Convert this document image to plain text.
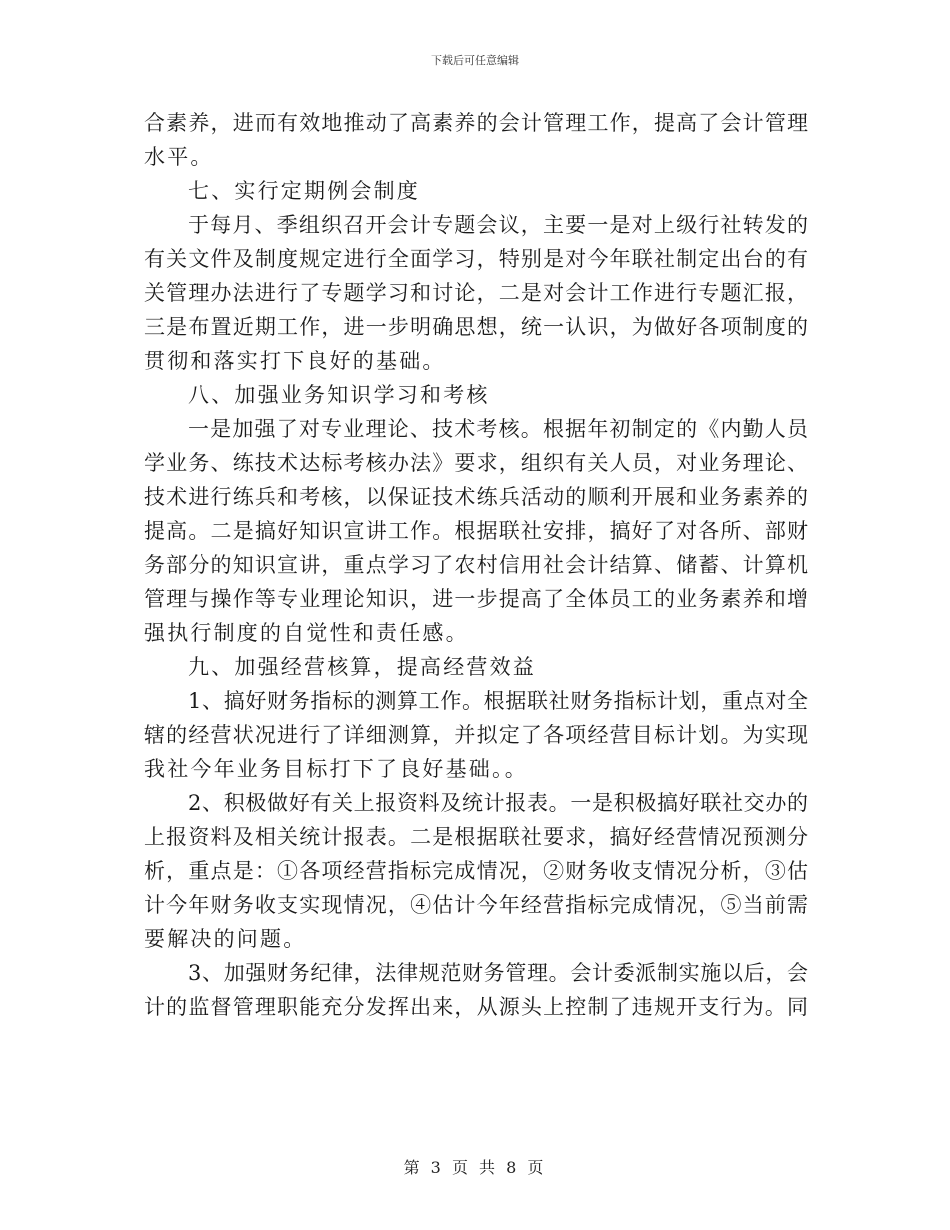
下载后可任意编辑
合素养，进而有效地推动了高素养的会计管理工作，提高了会计管理
水平。
七、实行定期例会制度
于每月、季组织召开会计专题会议，主要一是对上级行社转发的
有关文件及制度规定进行全面学习，特别是对今年联社制定出台的有
关管理办法进行了专题学习和讨论，二是对会计工作进行专题汇报，
三是布置近期工作，进一步明确思想，统一认识，为做好各项制度的
贯彻和落实打下良好的基础。
八、加强业务知识学习和考核
一是加强了对专业理论、技术考核。根据年初制定的《内勤人员
学业务、练技术达标考核办法》要求，组织有关人员，对业务理论、
技术进行练兵和考核，以保证技术练兵活动的顺利开展和业务素养的
提高。二是搞好知识宣讲工作。根据联社安排，搞好了对各所、部财
务部分的知识宣讲，重点学习了农村信用社会计结算、储蓄、计算机
管理与操作等专业理论知识，进一步提高了全体员工的业务素养和增
强执行制度的自觉性和责任感。
九、加强经营核算，提高经营效益
1、搞好财务指标的测算工作。根据联社财务指标计划，重点对全
辖的经营状况进行了详细测算，并拟定了各项经营目标计划。为实现
我社今年业务目标打下了良好基础。。
2、积极做好有关上报资料及统计报表。一是积极搞好联社交办的
上报资料及相关统计报表。二是根据联社要求，搞好经营情况预测分
析，重点是：①各项经营指标完成情况，②财务收支情况分析，③估
计今年财务收支实现情况，④估计今年经营指标完成情况，⑤当前需
要解决的问题。
3、加强财务纪律，法律规范财务管理。会计委派制实施以后，会
计的监督管理职能充分发挥出来，从源头上控制了违规开支行为。同
第 3 页 共 8 页
